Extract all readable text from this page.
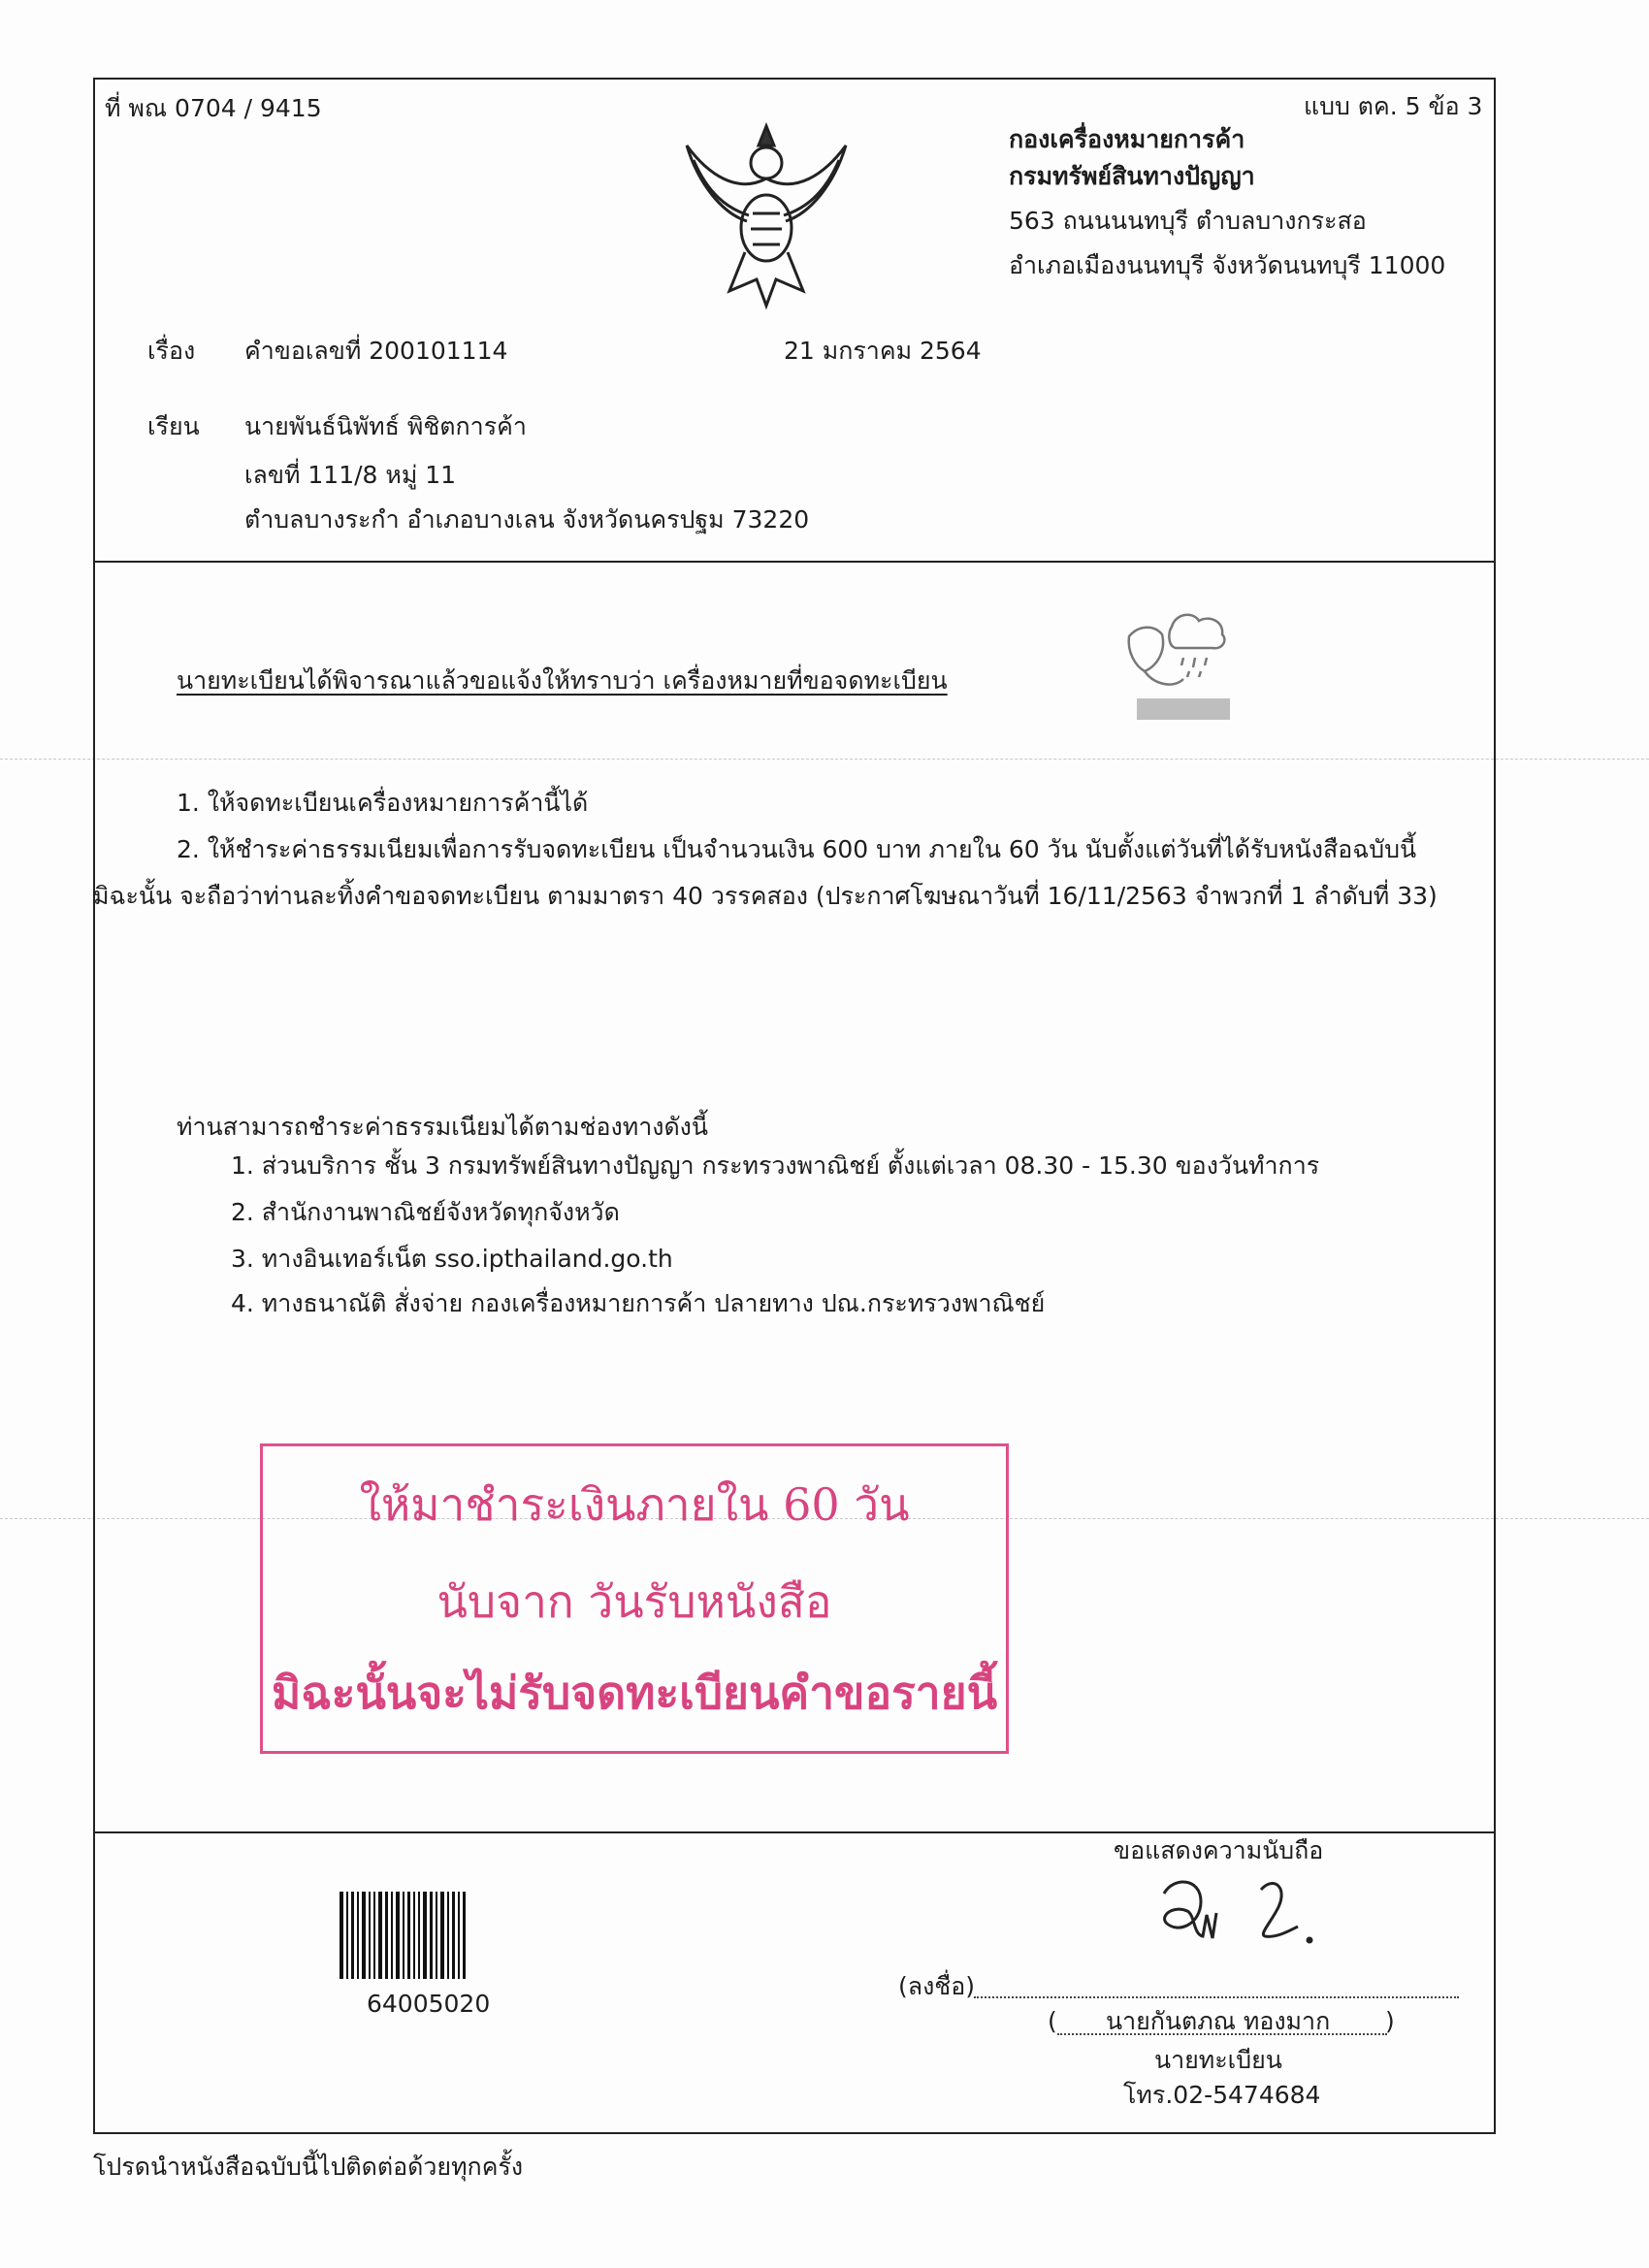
ที่ พณ 0704 / 9415	แบบ ตค. 5 ข้อ 3
กองเครื่องหมายการค้า
กรมทรัพย์สินทางปัญญา
563 ถนนนนทบุรี ตำบลบางกระสอ
อำเภอเมืองนนทบุรี จังหวัดนนทบุรี 11000
เรื่อง คำขอเลขที่ 200101114	21 มกราคม 2564
เรียน นายพันธ์นิพัทธ์ พิชิตการค้า
เลขที่ 111/8 หมู่ 11
ตำบลบางระกำ อำเภอบางเลน จังหวัดนครปฐม 73220
นายทะเบียนได้พิจารณาแล้วขอแจ้งให้ทราบว่า เครื่องหมายที่ขอจดทะเบียน
1. ให้จดทะเบียนเครื่องหมายการค้านี้ได้
2. ให้ชำระค่าธรรมเนียมเพื่อการรับจดทะเบียน เป็นจำนวนเงิน 600 บาท ภายใน 60 วัน นับตั้งแต่วันที่ได้รับหนังสือฉบับนี้
มิฉะนั้น จะถือว่าท่านละทิ้งคำขอจดทะเบียน ตามมาตรา 40 วรรคสอง (ประกาศโฆษณาวันที่ 16/11/2563 จำพวกที่ 1 ลำดับที่ 33)
ท่านสามารถชำระค่าธรรมเนียมได้ตามช่องทางดังนี้
1. ส่วนบริการ ชั้น 3 กรมทรัพย์สินทางปัญญา กระทรวงพาณิชย์ ตั้งแต่เวลา 08.30 - 15.30 ของวันทำการ
2. สำนักงานพาณิชย์จังหวัดทุกจังหวัด
3. ทางอินเทอร์เน็ต sso.ipthailand.go.th
4. ทางธนาณัติ สั่งจ่าย กองเครื่องหมายการค้า ปลายทาง ปณ.กระทรวงพาณิชย์
ให้มาชำระเงินภายใน 60 วัน
นับจาก วันรับหนังสือ
มิฉะนั้นจะไม่รับจดทะเบียนคำขอรายนี้
64005020
ขอแสดงความนับถือ
(ลงชื่อ)
( นายกันตภณ ทองมาก )
นายทะเบียน
โทร.02-5474684
โปรดนำหนังสือฉบับนี้ไปติดต่อด้วยทุกครั้ง
